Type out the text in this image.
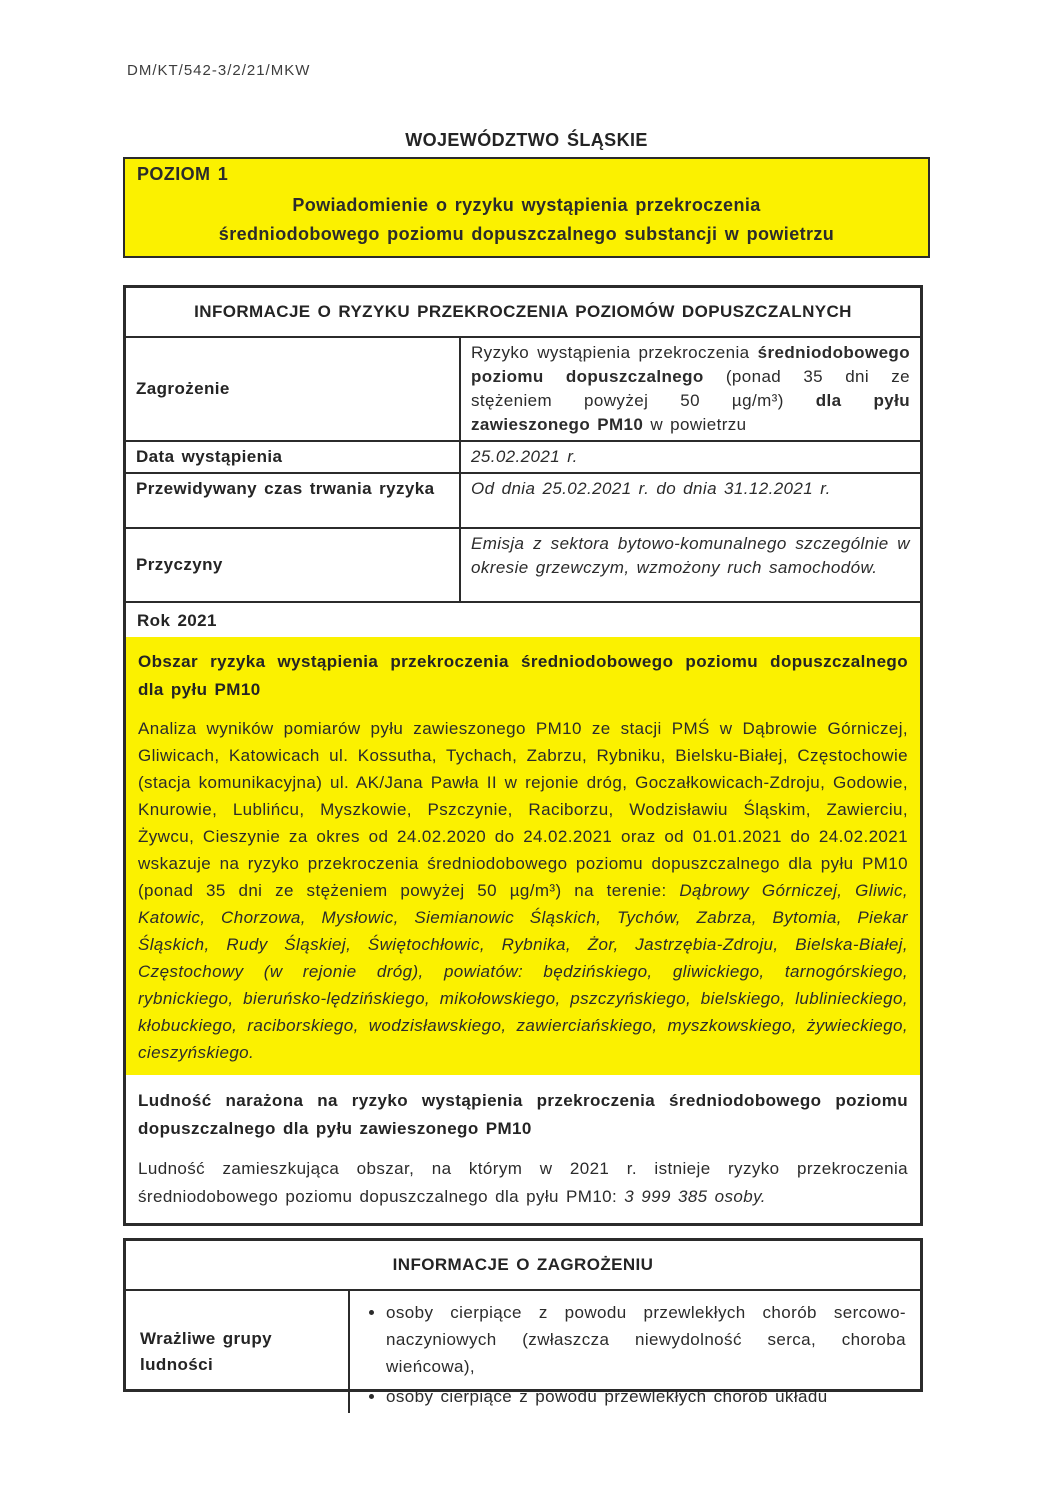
DM/KT/542-3/2/21/MKW
WOJEWÓDZTWO ŚLĄSKIE
POZIOM 1
Powiadomienie o ryzyku wystąpienia przekroczenia
średniodobowego poziomu dopuszczalnego substancji w powietrzu
INFORMACJE O RYZYKU PRZEKROCZENIA POZIOMÓW DOPUSZCZALNYCH
Zagrożenie
Ryzyko wystąpienia przekroczenia średniodobowego poziomu dopuszczalnego (ponad 35 dni ze stężeniem powyżej 50 µg/m³) dla pyłu zawieszonego PM10 w powietrzu
Data wystąpienia	25.02.2021 r.
Przewidywany czas trwania ryzyka	Od dnia 25.02.2021 r. do dnia 31.12.2021 r.
Przyczyny
Emisja z sektora bytowo-komunalnego szczególnie w okresie grzewczym, wzmożony ruch samochodów.
Rok 2021
Obszar ryzyka wystąpienia przekroczenia średniodobowego poziomu dopuszczalnego dla pyłu PM10
Analiza wyników pomiarów pyłu zawieszonego PM10 ze stacji PMŚ w Dąbrowie Górniczej, Gliwicach, Katowicach ul. Kossutha, Tychach, Zabrzu, Rybniku, Bielsku-Białej, Częstochowie (stacja komunikacyjna) ul. AK/Jana Pawła II w rejonie dróg, Goczałkowicach-Zdroju, Godowie, Knurowie, Lublińcu, Myszkowie, Pszczynie, Raciborzu, Wodzisławiu Śląskim, Zawierciu, Żywcu, Cieszynie za okres od 24.02.2020 do 24.02.2021 oraz od 01.01.2021 do 24.02.2021 wskazuje na ryzyko przekroczenia średniodobowego poziomu dopuszczalnego dla pyłu PM10 (ponad 35 dni ze stężeniem powyżej 50 µg/m³) na terenie: Dąbrowy Górniczej, Gliwic, Katowic, Chorzowa, Mysłowic, Siemianowic Śląskich, Tychów, Zabrza, Bytomia, Piekar Śląskich, Rudy Śląskiej, Świętochłowic, Rybnika, Żor, Jastrzębia-Zdroju, Bielska-Białej, Częstochowy (w rejonie dróg), powiatów: będzińskiego, gliwickiego, tarnogórskiego, rybnickiego, bieruńsko-lędzińskiego, mikołowskiego, pszczyńskiego, bielskiego, lublinieckiego, kłobuckiego, raciborskiego, wodzisławskiego, zawierciańskiego, myszkowskiego, żywieckiego, cieszyńskiego.
Ludność narażona na ryzyko wystąpienia przekroczenia średniodobowego poziomu dopuszczalnego dla pyłu zawieszonego PM10
Ludność zamieszkująca obszar, na którym w 2021 r. istnieje ryzyko przekroczenia średniodobowego poziomu dopuszczalnego dla pyłu PM10: 3 999 385 osoby.
INFORMACJE O ZAGROŻENIU
Wrażliwe grupy ludności
• osoby cierpiące z powodu przewlekłych chorób sercowo-naczyniowych (zwłaszcza niewydolność serca, choroba wieńcowa),
• osoby cierpiące z powodu przewlekłych chorób układu
